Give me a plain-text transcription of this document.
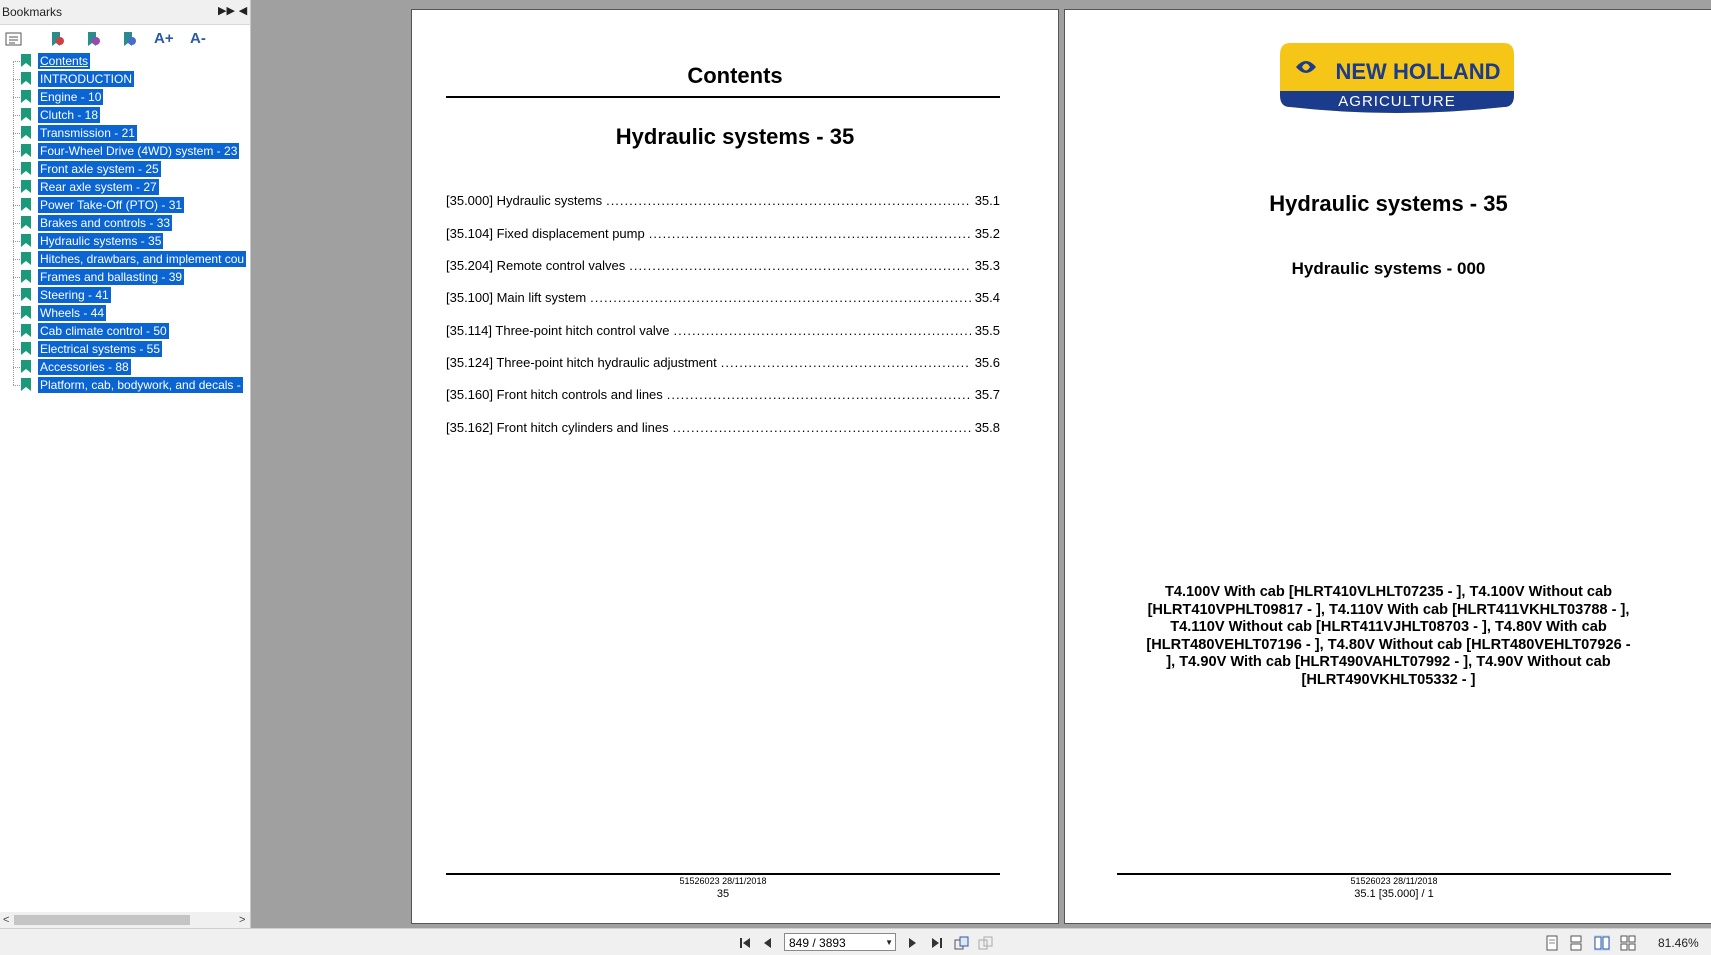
Bookmarks	▶▶ ◀
A+ A-
Contents
INTRODUCTION
Engine - 10
Clutch - 18
Transmission - 21
Four-Wheel Drive (4WD) system - 23
Front axle system - 25
Rear axle system - 27
Power Take-Off (PTO) - 31
Brakes and controls - 33
Hydraulic systems - 35
Hitches, drawbars, and implement cou
Frames and ballasting - 39
Steering - 41
Wheels - 44
Cab climate control - 50
Electrical systems - 55
Accessories - 88
Platform, cab, bodywork, and decals -
<	>
Contents
Hydraulic systems - 35
[35.000] Hydraulic systems .....	35.1
[35.104] Fixed displacement pump .....	35.2
[35.204] Remote control valves .....	35.3
[35.100] Main lift system .....	35.4
[35.114] Three-point hitch control valve .....	35.5
[35.124] Three-point hitch hydraulic adjustment .....	35.6
[35.160] Front hitch controls and lines .....	35.7
[35.162] Front hitch cylinders and lines .....	35.8
51526023 28/11/2018
35
NEW HOLLAND
AGRICULTURE
Hydraulic systems - 35
Hydraulic systems - 000
T4.100V With cab [HLRT410VLHLT07235 - ], T4.100V Without cab [HLRT410VPHLT09817 - ], T4.110V With cab [HLRT411VKHLT03788 - ], T4.110V Without cab [HLRT411VJHLT08703 - ], T4.80V With cab [HLRT480VEHLT07196 - ], T4.80V Without cab [HLRT480VEHLT07926 - ], T4.90V With cab [HLRT490VAHLT07992 - ], T4.90V Without cab [HLRT490VKHLT05332 - ]
51526023 28/11/2018
35.1 [35.000] / 1
849 / 3893	▼	81.46%
